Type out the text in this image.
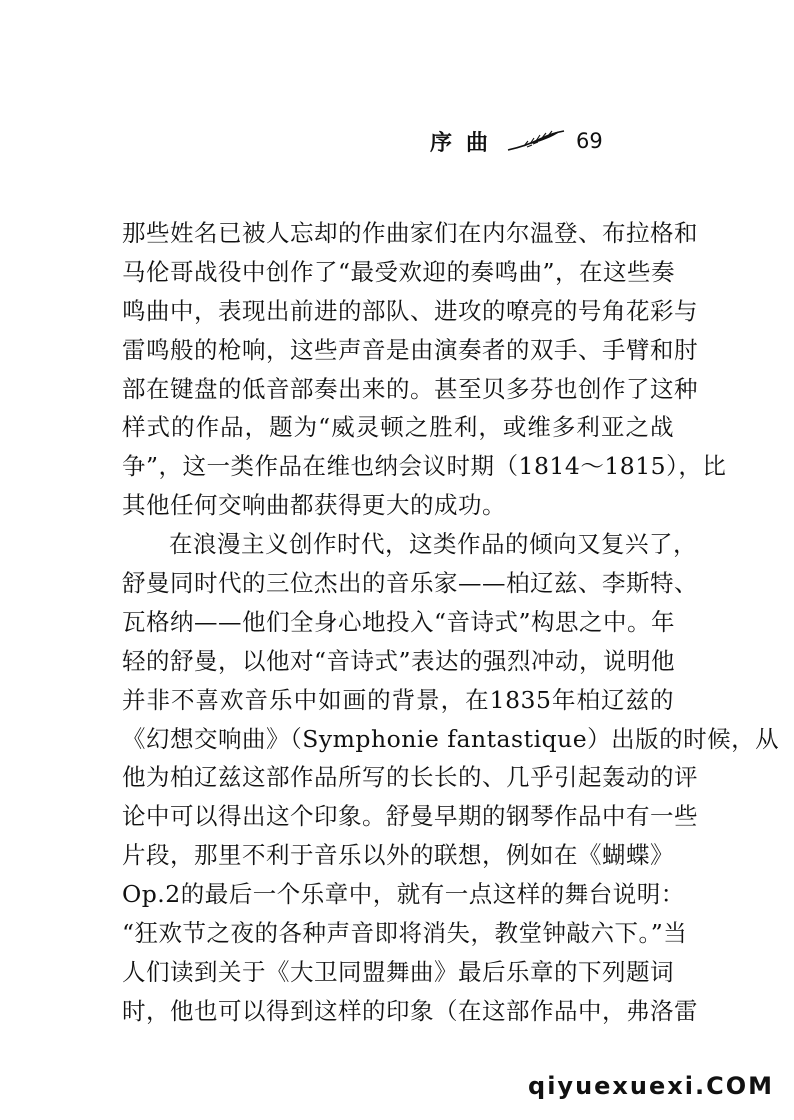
序曲	69
那些姓名已被人忘却的作曲家们在内尔温登、布拉格和
马伦哥战役中创作了“最受欢迎的奏鸣曲”，在这些奏
鸣曲中，表现出前进的部队、进攻的嘹亮的号角花彩与
雷鸣般的枪响，这些声音是由演奏者的双手、手臂和肘
部在键盘的低音部奏出来的。甚至贝多芬也创作了这种
样式的作品，题为“威灵顿之胜利，或维多利亚之战
争”，这一类作品在维也纳会议时期（1814～1815），比
其他任何交响曲都获得更大的成功。
在浪漫主义创作时代，这类作品的倾向又复兴了，
舒曼同时代的三位杰出的音乐家——柏辽兹、李斯特、
瓦格纳——他们全身心地投入“音诗式”构思之中。年
轻的舒曼，以他对“音诗式”表达的强烈冲动，说明他
并非不喜欢音乐中如画的背景，在1835年柏辽兹的
《幻想交响曲》（Symphonie fantastique）出版的时候，从
他为柏辽兹这部作品所写的长长的、几乎引起轰动的评
论中可以得出这个印象。舒曼早期的钢琴作品中有一些
片段，那里不利于音乐以外的联想，例如在《蝴蝶》
Op.2的最后一个乐章中，就有一点这样的舞台说明：
“狂欢节之夜的各种声音即将消失，教堂钟敲六下。”当
人们读到关于《大卫同盟舞曲》最后乐章的下列题词
时，他也可以得到这样的印象（在这部作品中，弗洛雷
qiyuexuexi.COM
